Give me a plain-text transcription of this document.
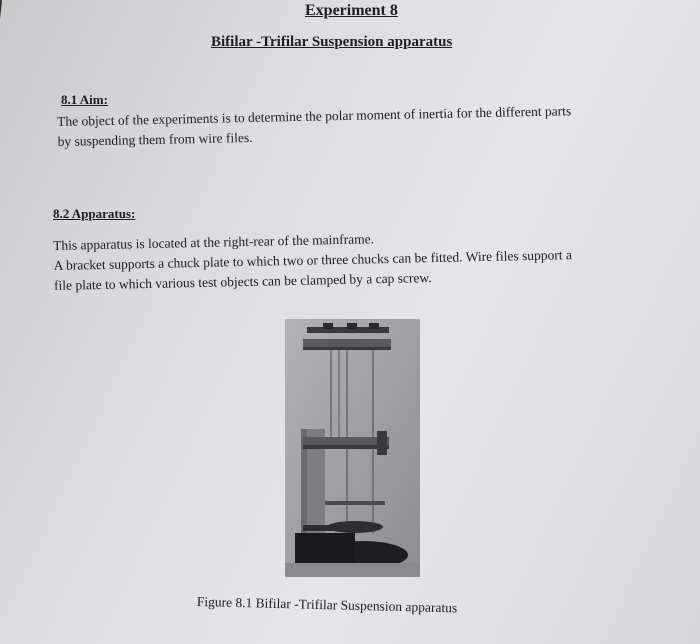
Experiment 8
Bifilar -Trifilar Suspension apparatus
8.1 Aim:
The object of the experiments is to determine the polar moment of inertia for the different parts
by suspending them from wire files.
8.2 Apparatus:
This apparatus is located at the right-rear of the mainframe.
A bracket supports a chuck plate to which two or three chucks can be fitted. Wire files support a
file plate to which various test objects can be clamped by a cap screw.
Figure 8.1 Bifilar -Trifilar Suspension apparatus
